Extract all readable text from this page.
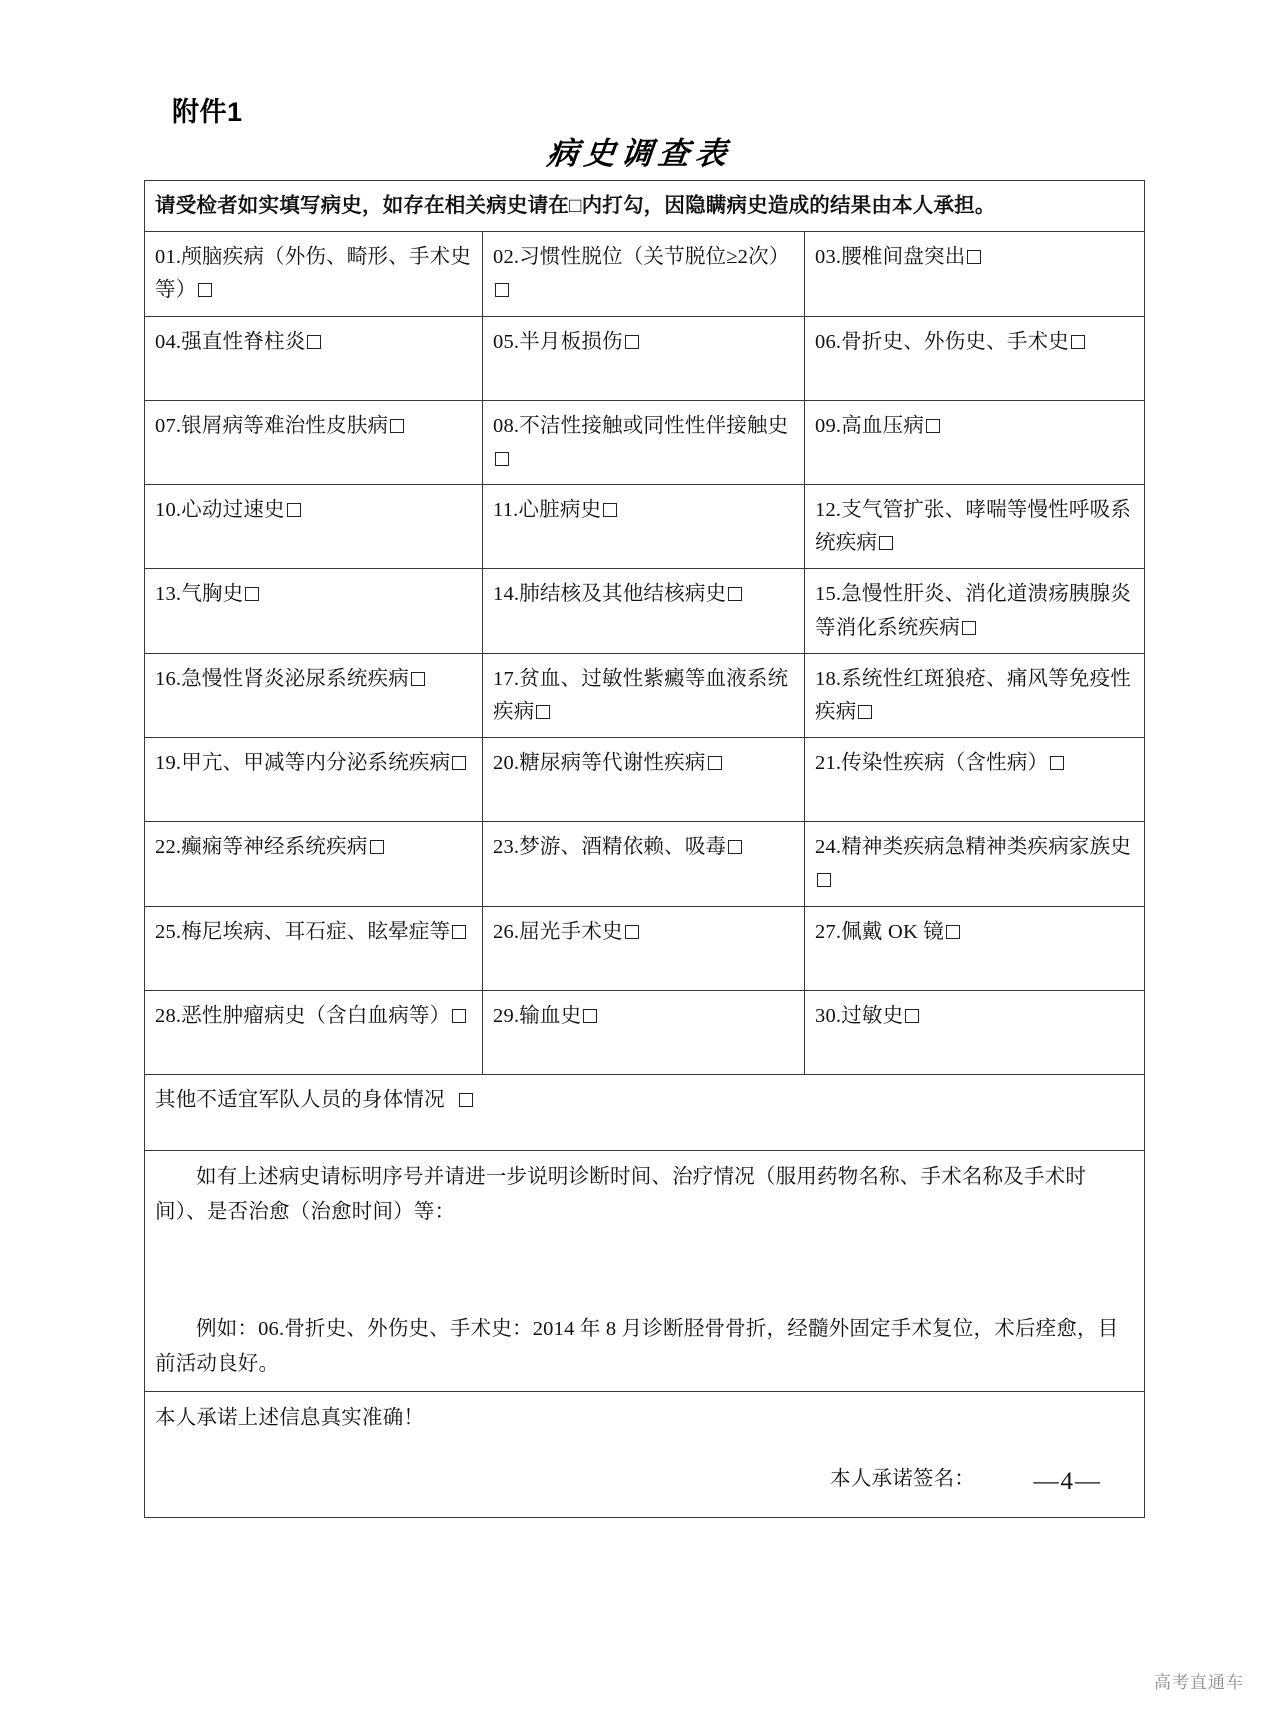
附件1
病史调查表
请受检者如实填写病史，如存在相关病史请在□内打勾，因隐瞒病史造成的结果由本人承担。		
01.颅脑疾病（外伤、畸形、手术史等）	02.习惯性脱位（关节脱位≥2次）	03.腰椎间盘突出
04.强直性脊柱炎	05.半月板损伤	06.骨折史、外伤史、手术史
07.银屑病等难治性皮肤病	08.不洁性接触或同性性伴接触史	09.高血压病
10.心动过速史	11.心脏病史	12.支气管扩张、哮喘等慢性呼吸系统疾病
13.气胸史	14.肺结核及其他结核病史	15.急慢性肝炎、消化道溃疡胰腺炎等消化系统疾病
16.急慢性肾炎泌尿系统疾病	17.贫血、过敏性紫癜等血液系统疾病	18.系统性红斑狼疮、痛风等免疫性疾病
19.甲亢、甲减等内分泌系统疾病	20.糖尿病等代谢性疾病	21.传染性疾病（含性病）
22.癫痫等神经系统疾病	23.梦游、酒精依赖、吸毒	24.精神类疾病急精神类疾病家族史
25.梅尼埃病、耳石症、眩晕症等	26.屈光手术史	27.佩戴 OK 镜
28.恶性肿瘤病史（含白血病等）	29.输血史	30.过敏史
其他不适宜军队人员的身体情况		

如有上述病史请标明序号并请进一步说明诊断时间、治疗情况（服用药物名称、手术名称及手术时间）、是否治愈（治愈时间）等：

例如：06.骨折史、外伤史、手术史：2014 年 8 月诊断胫骨骨折，经髓外固定手术复位，术后痊愈，目前活动良好。		

本人承诺上述信息真实准确！
本人承诺签名：			—4—
高考直通车
